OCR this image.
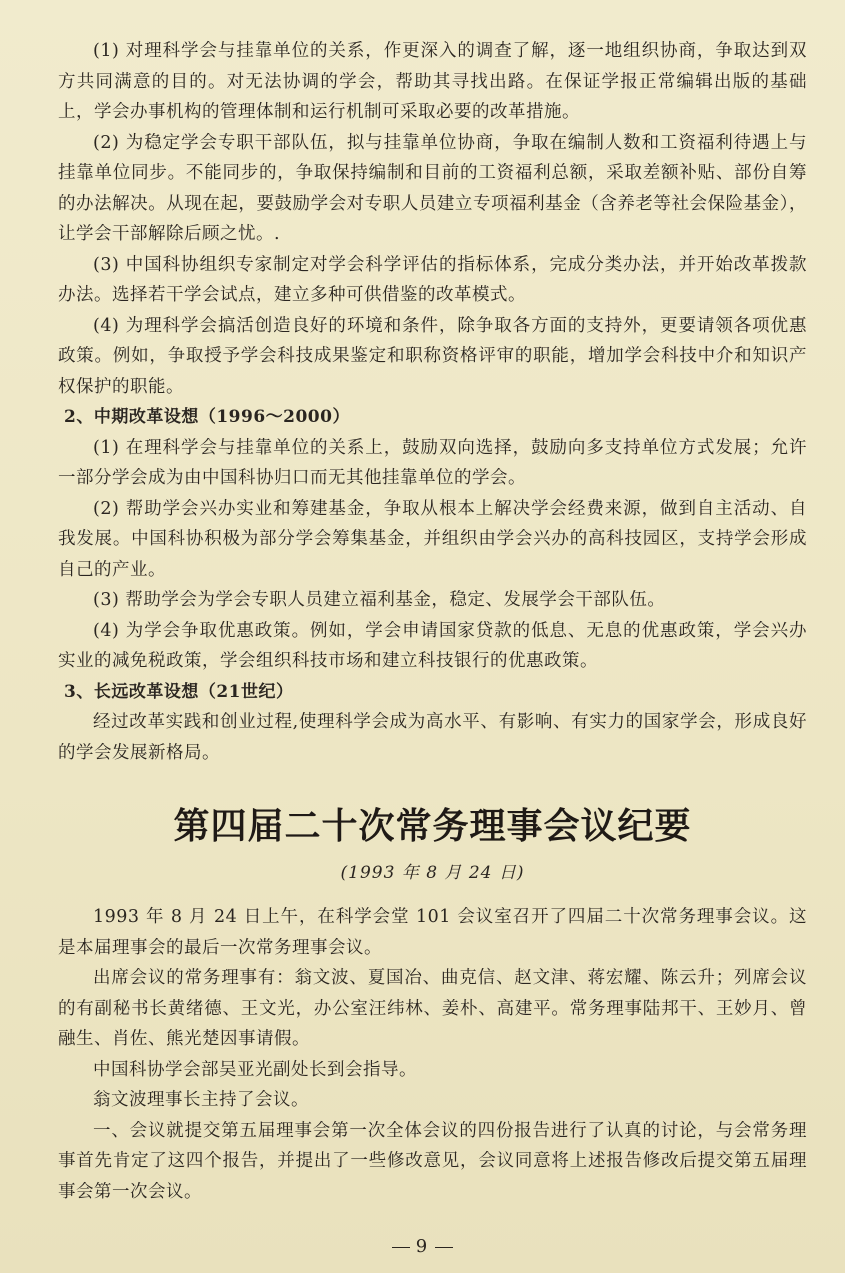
(1) 对理科学会与挂靠单位的关系，作更深入的调查了解，逐一地组织协商，争取达到双方共同满意的目的。对无法协调的学会，帮助其寻找出路。在保证学报正常编辑出版的基础上，学会办事机构的管理体制和运行机制可采取必要的改革措施。

(2) 为稳定学会专职干部队伍，拟与挂靠单位协商，争取在编制人数和工资福利待遇上与挂靠单位同步。不能同步的，争取保持编制和目前的工资福利总额，采取差额补贴、部份自筹的办法解决。从现在起，要鼓励学会对专职人员建立专项福利基金（含养老等社会保险基金），让学会干部解除后顾之忧。.

(3) 中国科协组织专家制定对学会科学评估的指标体系，完成分类办法，并开始改革拨款办法。选择若干学会试点，建立多种可供借鉴的改革模式。

(4) 为理科学会搞活创造良好的环境和条件，除争取各方面的支持外，更要请领各项优惠政策。例如，争取授予学会科技成果鉴定和职称资格评审的职能，增加学会科技中介和知识产权保护的职能。

2、中期改革设想（1996～2000）

(1) 在理科学会与挂靠单位的关系上，鼓励双向选择，鼓励向多支持单位方式发展；允许一部分学会成为由中国科协归口而无其他挂靠单位的学会。

(2) 帮助学会兴办实业和筹建基金，争取从根本上解决学会经费来源，做到自主活动、自我发展。中国科协积极为部分学会筹集基金，并组织由学会兴办的高科技园区，支持学会形成自己的产业。

(3) 帮助学会为学会专职人员建立福利基金，稳定、发展学会干部队伍。

(4) 为学会争取优惠政策。例如，学会申请国家贷款的低息、无息的优惠政策，学会兴办实业的减免税政策，学会组织科技市场和建立科技银行的优惠政策。

3、长远改革设想（21世纪）

经过改革实践和创业过程,使理科学会成为高水平、有影响、有实力的国家学会，形成良好的学会发展新格局。

第四届二十次常务理事会议纪要

(1993 年 8 月 24 日)

1993 年 8 月 24 日上午，在科学会堂 101 会议室召开了四届二十次常务理事会议。这是本届理事会的最后一次常务理事会议。

出席会议的常务理事有：翁文波、夏国冶、曲克信、赵文津、蒋宏耀、陈云升；列席会议的有副秘书长黄绪德、王文光，办公室汪纬林、姜朴、高建平。常务理事陆邦干、王妙月、曾融生、肖佐、熊光楚因事请假。

中国科协学会部吴亚光副处长到会指导。

翁文波理事长主持了会议。

一、会议就提交第五届理事会第一次全体会议的四份报告进行了认真的讨论，与会常务理事首先肯定了这四个报告，并提出了一些修改意见，会议同意将上述报告修改后提交第五届理事会第一次会议。

9
